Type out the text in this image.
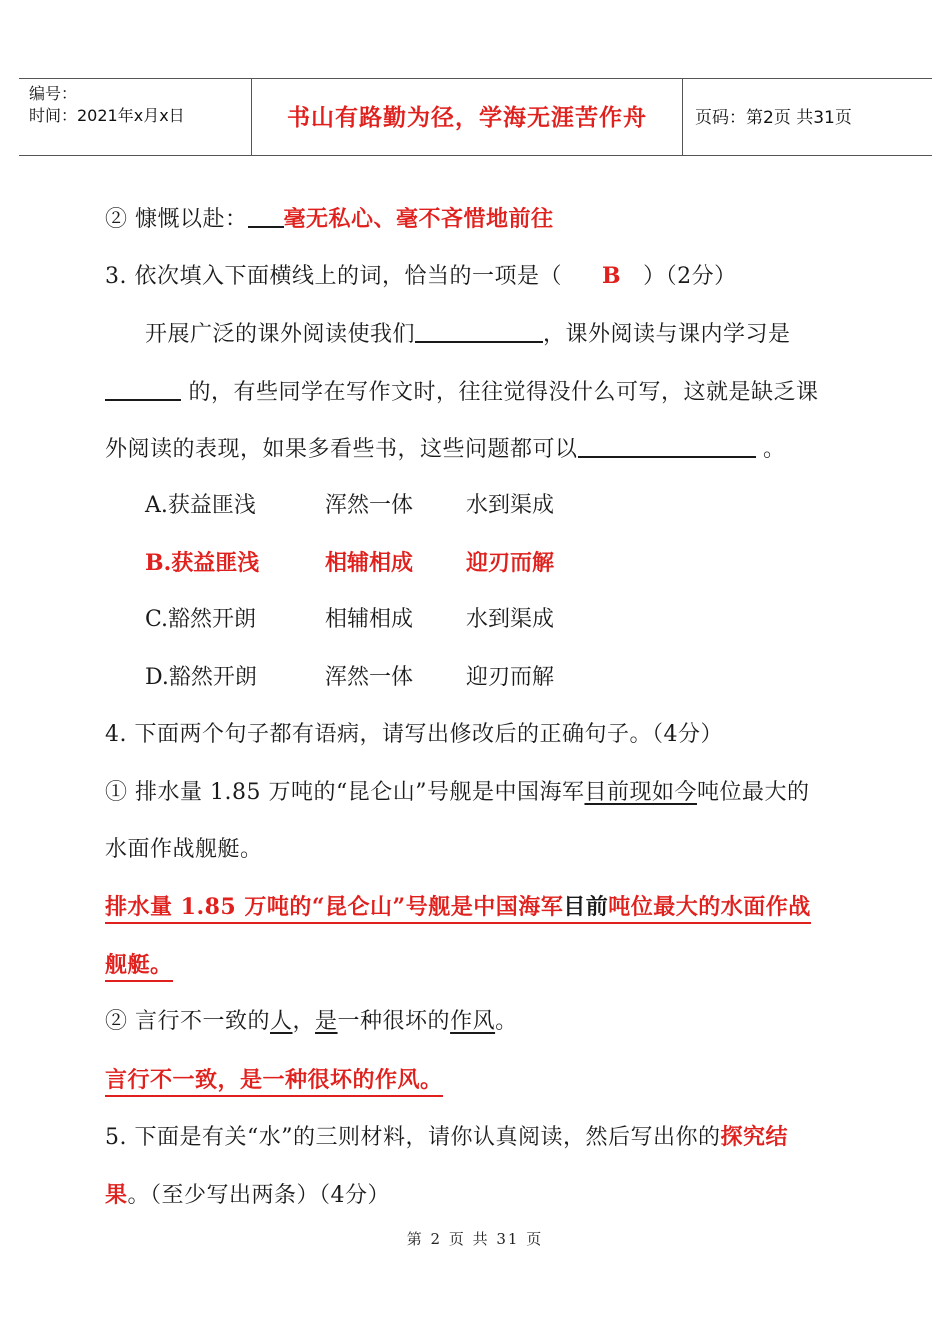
编号：
时间：2021年x月x日	书山有路勤为径，学海无涯苦作舟	页码：第2页 共31页
② 慷慨以赴： 毫无私心、毫不吝惜地前往
3. 依次填入下面横线上的词，恰当的一项是（ B ）（2分）
开展广泛的课外阅读使我们	，课外阅读与课内学习是
的，有些同学在写作文时，往往觉得没什么可写，这就是缺乏课
外阅读的表现，如果多看些书，这些问题都可以	。
A.获益匪浅	浑然一体 水到渠成
B.获益匪浅	相辅相成 迎刃而解
C.豁然开朗	相辅相成 水到渠成
D.豁然开朗	浑然一体 迎刃而解
4. 下面两个句子都有语病，请写出修改后的正确句子。（4分）
① 排水量 1.85 万吨的“昆仑山”号舰是中国海军目前现如今吨位最大的
水面作战舰艇。
排水量 1.85 万吨的“昆仑山”号舰是中国海军目前吨位最大的水面作战
舰艇。
② 言行不一致的人，是一种很坏的作风。
言行不一致，是一种很坏的作风。
5. 下面是有关“水”的三则材料，请你认真阅读，然后写出你的探究结
果。（至少写出两条）（4分）
第 2 页 共 31 页
